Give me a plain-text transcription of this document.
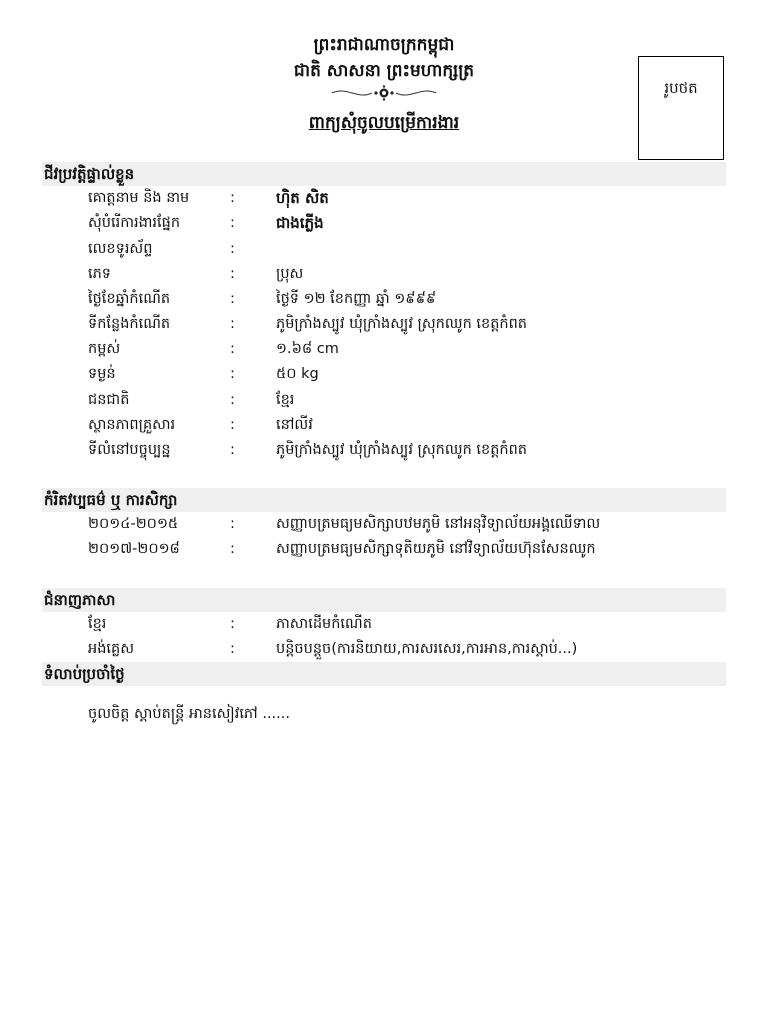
ព្រះរាជាណាចក្រកម្ពុជា
ជាតិ សាសនា ព្រះមហាក្សត្រ
ពាក្យសុំចូលបម្រើការងារ
រូបថត
ជីវប្រវត្តិផ្ទាល់ខ្លួន
គោត្តនាម និង នាម	:	ហ៊ិត សិត
សុំបំរើការងារផ្នែក	:	ជាងភ្លើង
លេខទូរស័ព្ទ	:
ភេទ	:	ប្រុស
ថ្ងៃខែឆ្នាំកំណើត	:	ថ្ងៃទី ១២ ខែកញ្ញា ឆ្នាំ ១៩៩៩
ទីកន្លែងកំណើត	:	ភូមិក្រាំងស្បូវ ឃុំក្រាំងស្បូវ ស្រុកឈូក ខេត្តកំពត
កម្ពស់	:	១.៦៨ cm
ទម្ងន់	:	៥០ kg
ជនជាតិ	:	ខ្មែរ
ស្ថានភាពគ្រួសារ	:	នៅលីវ
ទីលំនៅបច្ចុប្បន្ន	:	ភូមិក្រាំងស្បូវ ឃុំក្រាំងស្បូវ ស្រុកឈូក ខេត្តកំពត
កំរិតវប្បធម៌ ឬ ការសិក្សា
២០១៤-២០១៥	:	សញ្ញាបត្រមធ្យមសិក្សាបឋមភូមិ នៅអនុវិទ្យាល័យអង្គឈើទាល
២០១៧-២០១៨	:	សញ្ញាបត្រមធ្យមសិក្សាទុតិយភូមិ នៅវិទ្យាល័យហ៊ុនសែនឈូក
ជំនាញភាសា
ខ្មែរ	:	ភាសាដើមកំណើត
អង់គ្លេស	:	បន្តិចបន្តួច(ការនិយាយ,ការសរសេរ,ការអាន,ការស្ដាប់...)
ទំលាប់ប្រចាំថ្ងៃ
ចូលចិត្ត ស្ដាប់តន្ត្រី អានសៀវភៅ ......
